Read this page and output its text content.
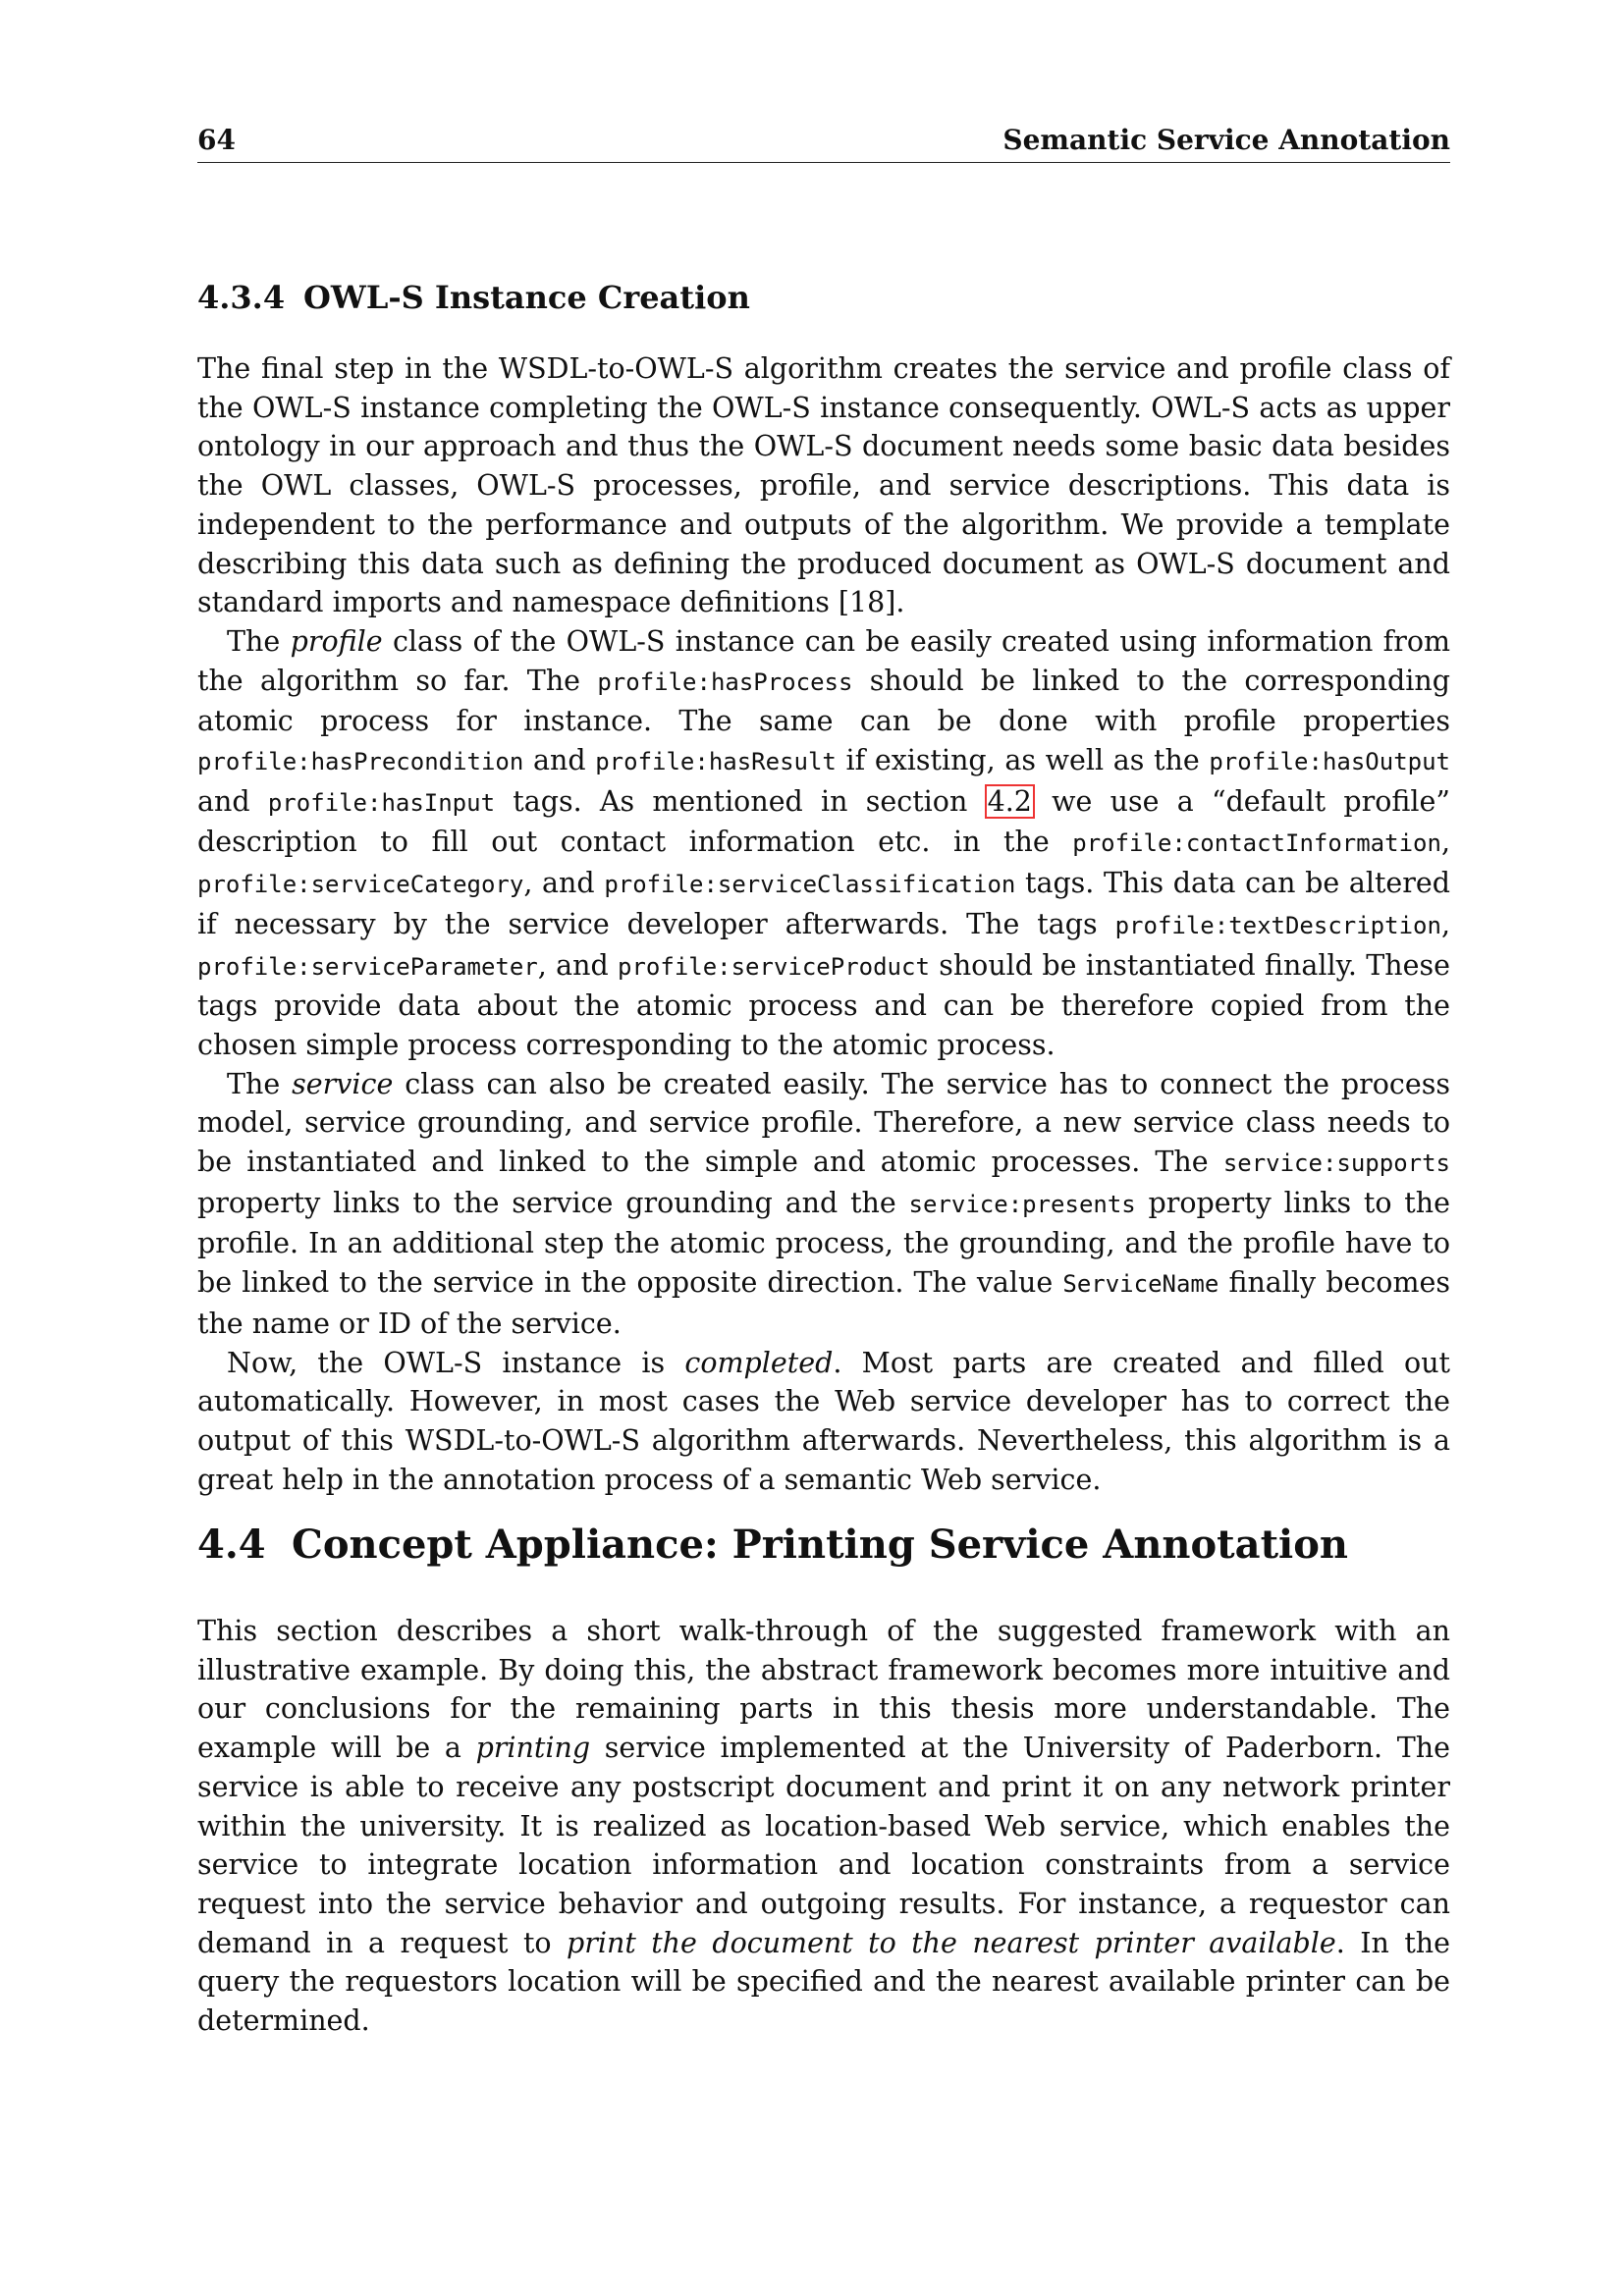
64	Semantic Service Annotation
4.3.4 OWL-S Instance Creation

The final step in the WSDL-to-OWL-S algorithm creates the service and profile class of the OWL-S instance completing the OWL-S instance consequently. OWL-S acts as upper ontology in our approach and thus the OWL-S document needs some basic data besides the OWL classes, OWL-S processes, profile, and service descriptions. This data is independent to the performance and outputs of the algorithm. We provide a template describing this data such as defining the produced document as OWL-S document and standard imports and namespace definitions [18].

The profile class of the OWL-S instance can be easily created using information from the algorithm so far. The profile:hasProcess should be linked to the corresponding atomic process for instance. The same can be done with profile properties profile:hasPrecondition and profile:hasResult if existing, as well as the profile:hasOutput and profile:hasInput tags. As mentioned in section 4.2 we use a “default profile” description to fill out contact information etc. in the profile:contactInformation, profile:serviceCategory, and profile:serviceClassification tags. This data can be altered if necessary by the service developer afterwards. The tags profile:textDescription, profile:serviceParameter, and profile:serviceProduct should be instantiated finally. These tags provide data about the atomic process and can be therefore copied from the chosen simple process corresponding to the atomic process.

The service class can also be created easily. The service has to connect the process model, service grounding, and service profile. Therefore, a new service class needs to be instantiated and linked to the simple and atomic processes. The service:supports property links to the service grounding and the service:presents property links to the profile. In an additional step the atomic process, the grounding, and the profile have to be linked to the service in the opposite direction. The value ServiceName finally becomes the name or ID of the service.

Now, the OWL-S instance is completed. Most parts are created and filled out automatically. However, in most cases the Web service developer has to correct the output of this WSDL-to-OWL-S algorithm afterwards. Nevertheless, this algorithm is a great help in the annotation process of a semantic Web service.

4.4 Concept Appliance: Printing Service Annotation

This section describes a short walk-through of the suggested framework with an illustrative example. By doing this, the abstract framework becomes more intuitive and our conclusions for the remaining parts in this thesis more understandable. The example will be a printing service implemented at the University of Paderborn. The service is able to receive any postscript document and print it on any network printer within the university. It is realized as location-based Web service, which enables the service to integrate location information and location constraints from a service request into the service behavior and outgoing results. For instance, a requestor can demand in a request to print the document to the nearest printer available. In the query the requestors location will be specified and the nearest available printer can be determined.
